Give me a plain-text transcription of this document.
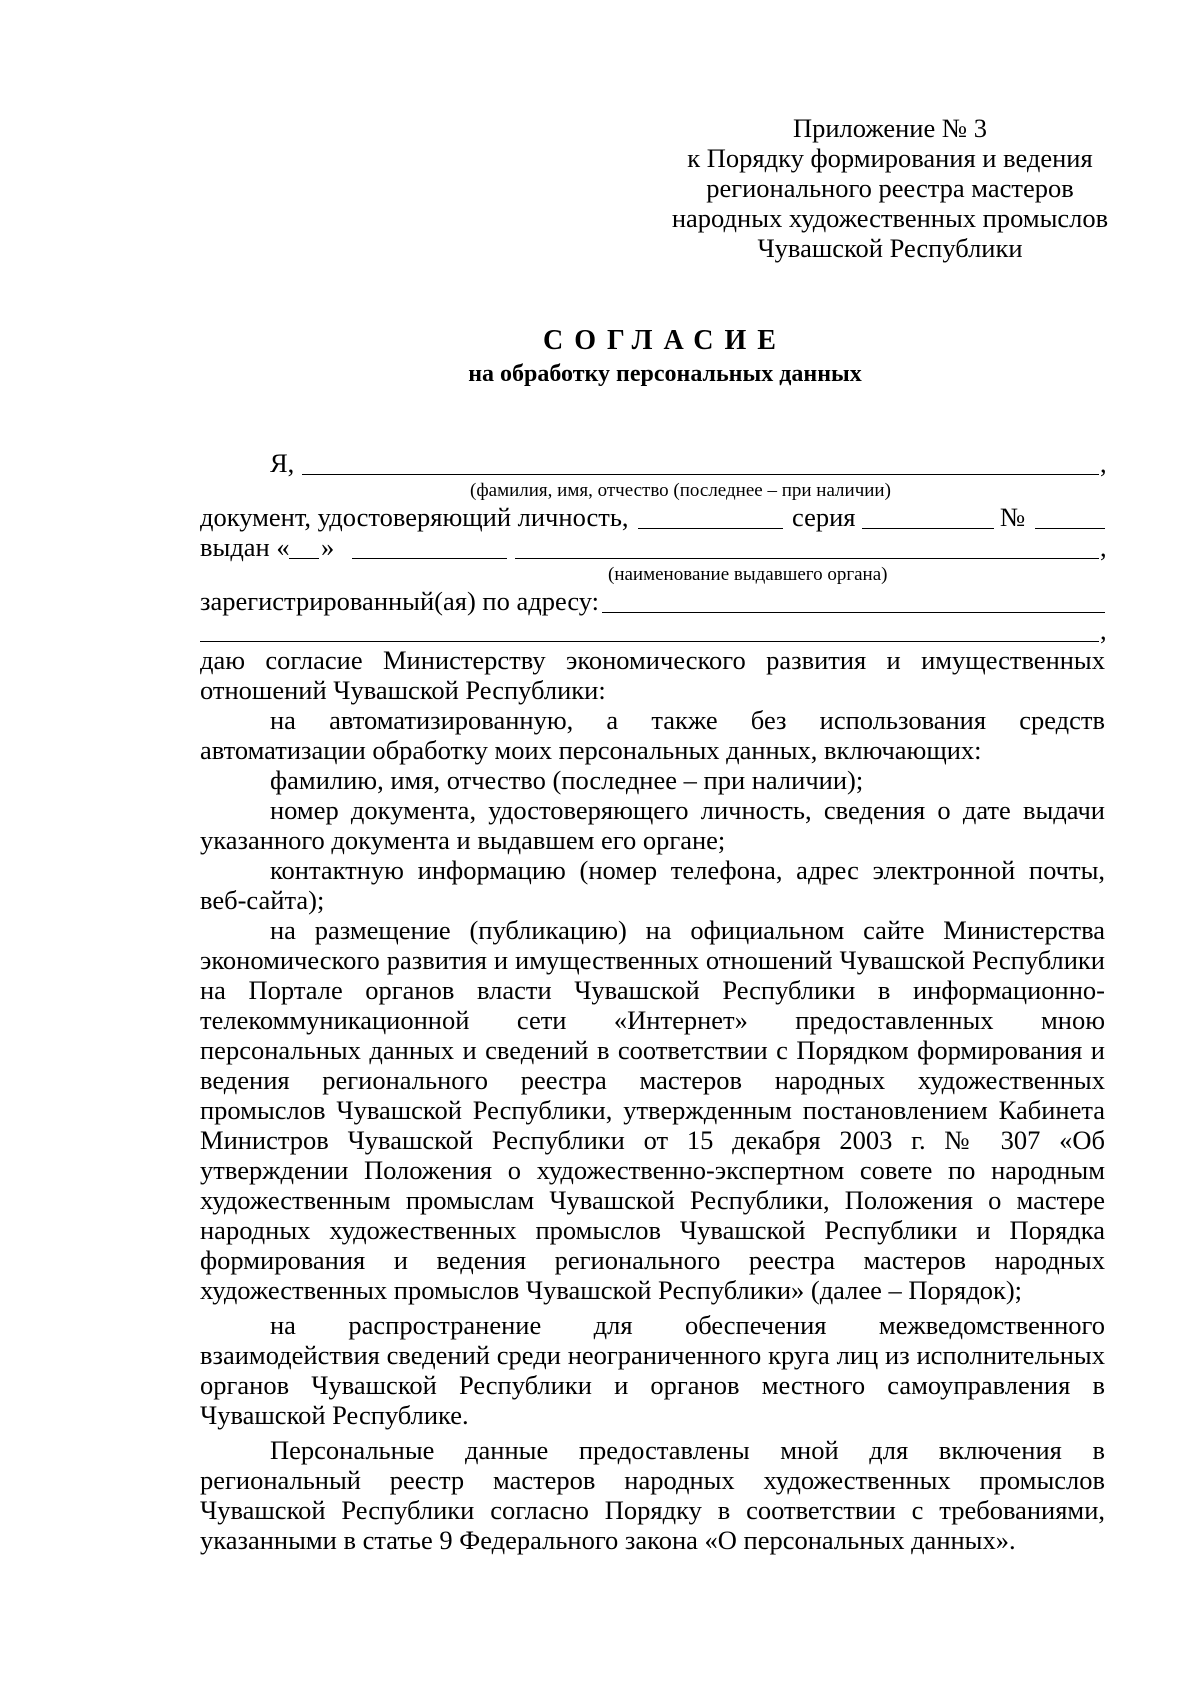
Приложение № 3
к Порядку формирования и ведения
регионального реестра мастеров
народных художественных промыслов
Чувашской Республики
СОГЛАСИЕ
на обработку персональных данных
Я,	,
(фамилия, имя, отчество (последнее – при наличии)
документ, удостоверяющий личность,	серия	№
выдан « »	,
(наименование выдавшего органа)
зарегистрированный(ая) по адресу:
,

даю согласие Министерству экономического развития и имущественных отношений Чувашской Республики:

на автоматизированную, а также без использования средств автоматизации обработку моих персональных данных, включающих:

фамилию, имя, отчество (последнее – при наличии);

номер документа, удостоверяющего личность, сведения о дате выдачи указанного документа и выдавшем его органе;

контактную информацию (номер телефона, адрес электронной почты, веб-сайта);

на размещение (публикацию) на официальном сайте Министерства экономического развития и имущественных отношений Чувашской Республики на Портале органов власти Чувашской Республики в информационно-телекоммуникационной сети «Интернет» предоставленных мною персональных данных и сведений в соответствии с Порядком формирования и ведения регионального реестра мастеров народных художественных промыслов Чувашской Республики, утвержденным постановлением Кабинета Министров Чувашской Республики от 15 декабря 2003 г. № 307 «Об утверждении Положения о художественно-экспертном совете по народным художественным промыслам Чувашской Республики, Положения о мастере народных художественных промыслов Чувашской Республики и Порядка формирования и ведения регионального реестра мастеров народных художественных промыслов Чувашской Республики» (далее – Порядок);

на распространение для обеспечения межведомственного взаимодействия сведений среди неограниченного круга лиц из исполнительных органов Чувашской Республики и органов местного самоуправления в Чувашской Республике.

Персональные данные предоставлены мной для включения в региональный реестр мастеров народных художественных промыслов Чувашской Республики согласно Порядку в соответствии с требованиями, указанными в статье 9 Федерального закона «О персональных данных».
